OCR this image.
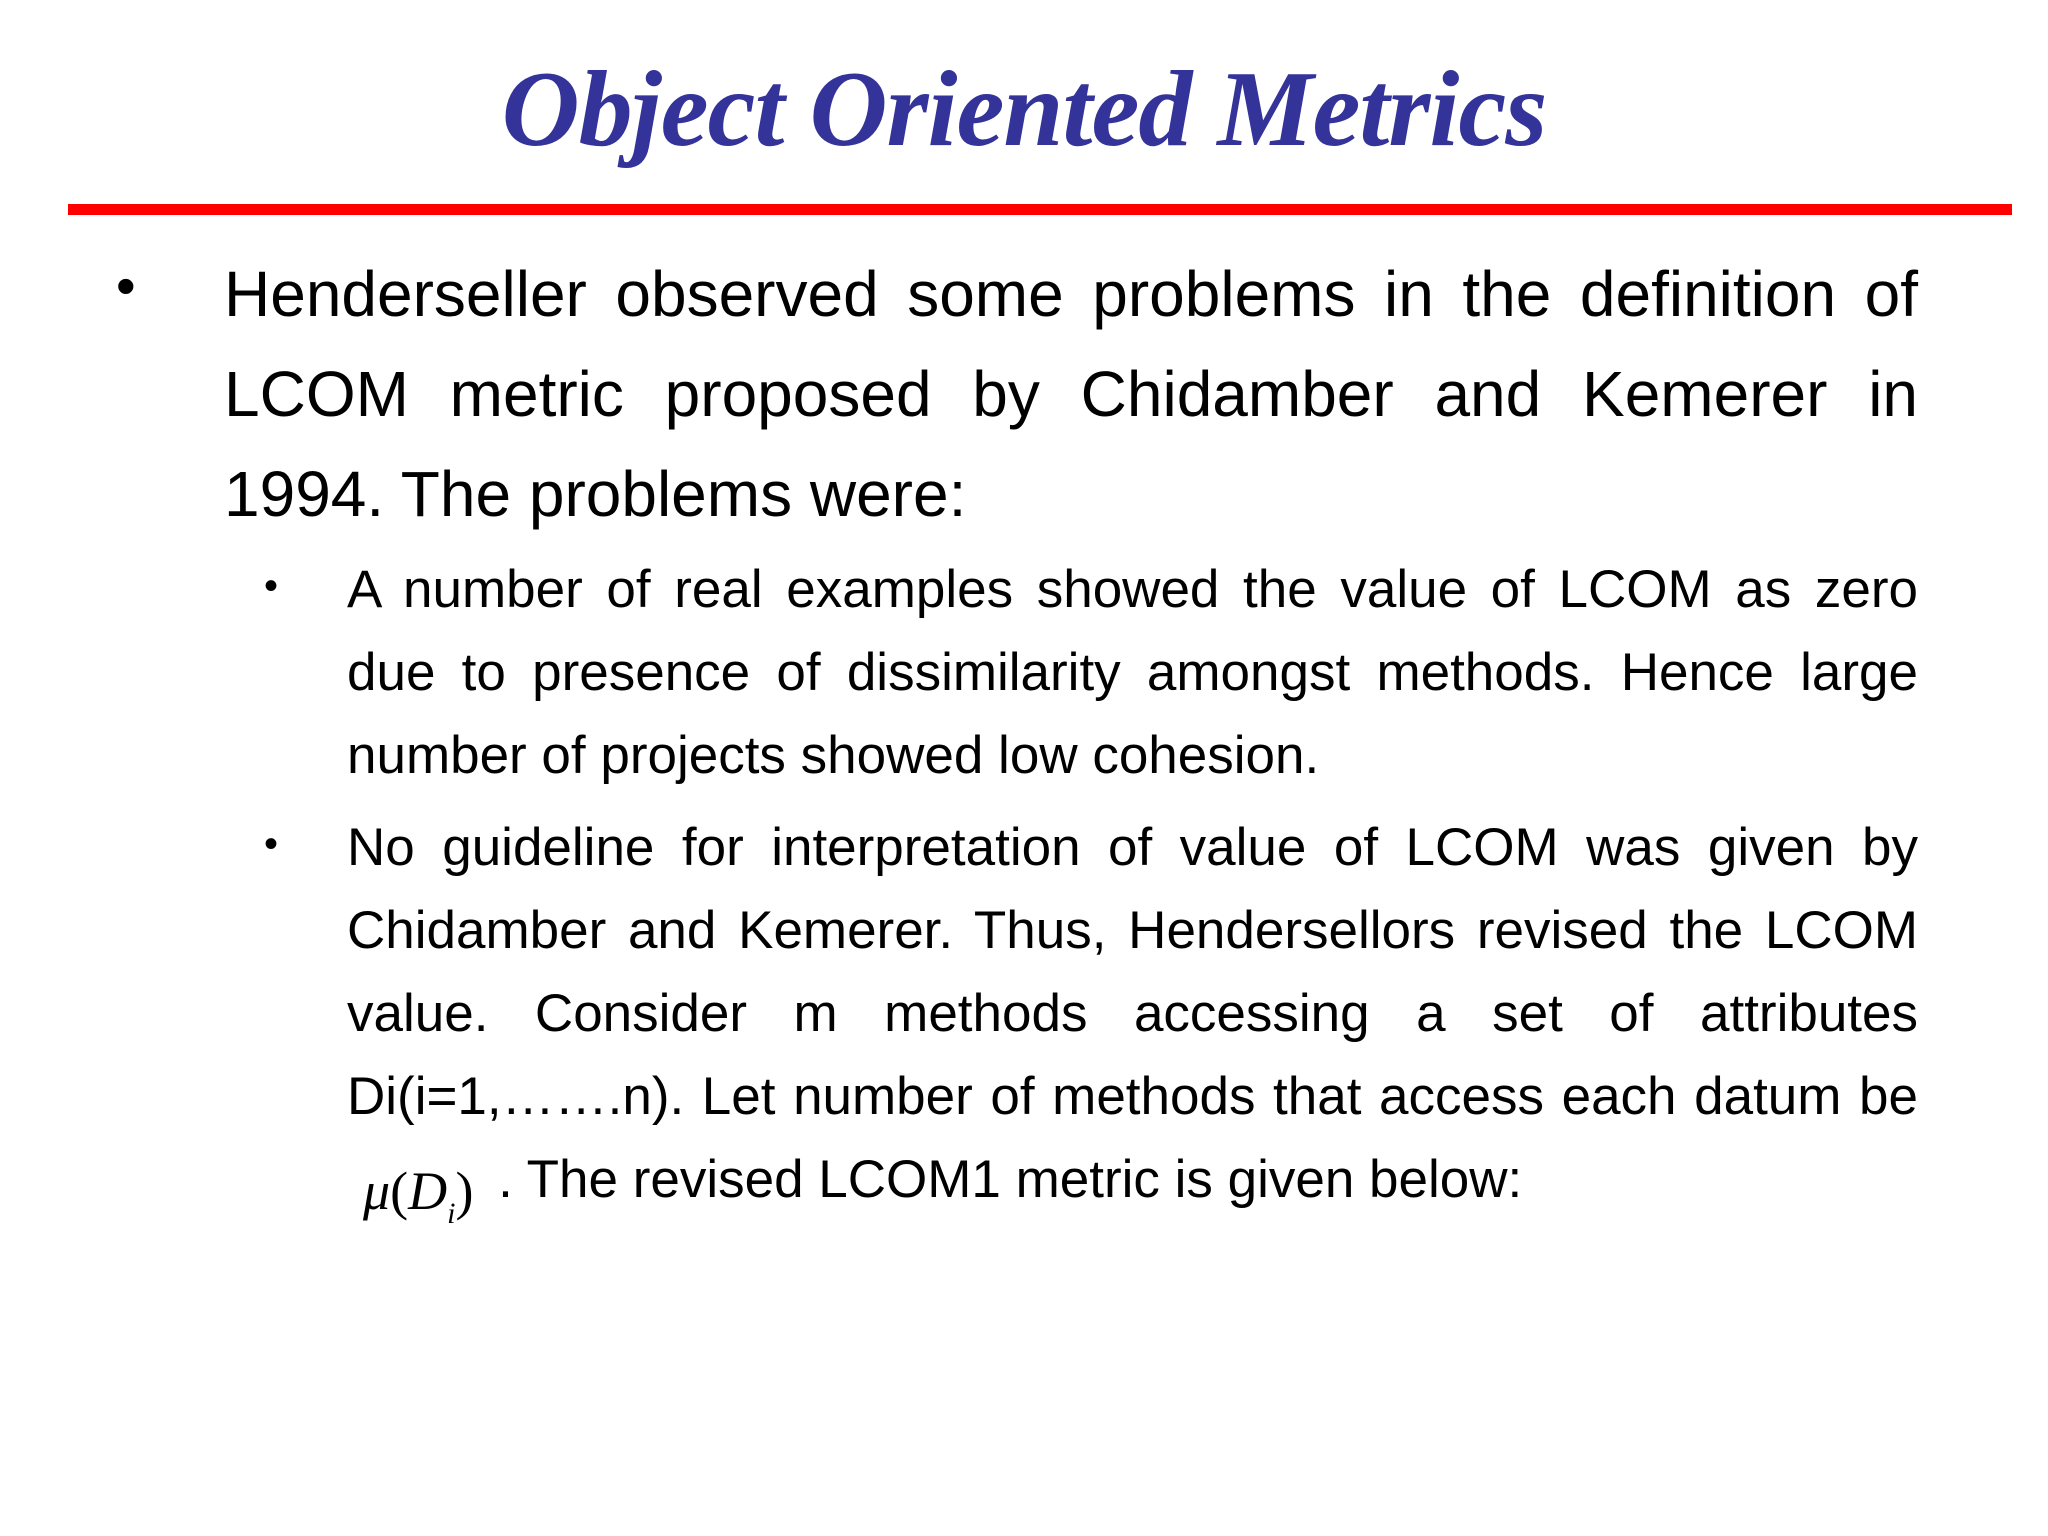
Object Oriented Metrics
• Henderseller observed some problems in the definition of LCOM metric proposed by Chidamber and Kemerer in 1994. The problems were:
• A number of real examples showed the value of LCOM as zero due to presence of dissimilarity amongst methods. Hence large number of projects showed low cohesion.
• No guideline for interpretation of value of LCOM was given by Chidamber and Kemerer. Thus, Hendersellors revised the LCOM value. Consider m methods accessing a set of attributes Di(i=1,…….n). Let number of methods that access each datum $be\mu(D_i)$ . The revised LCOM1 metric is given below:
